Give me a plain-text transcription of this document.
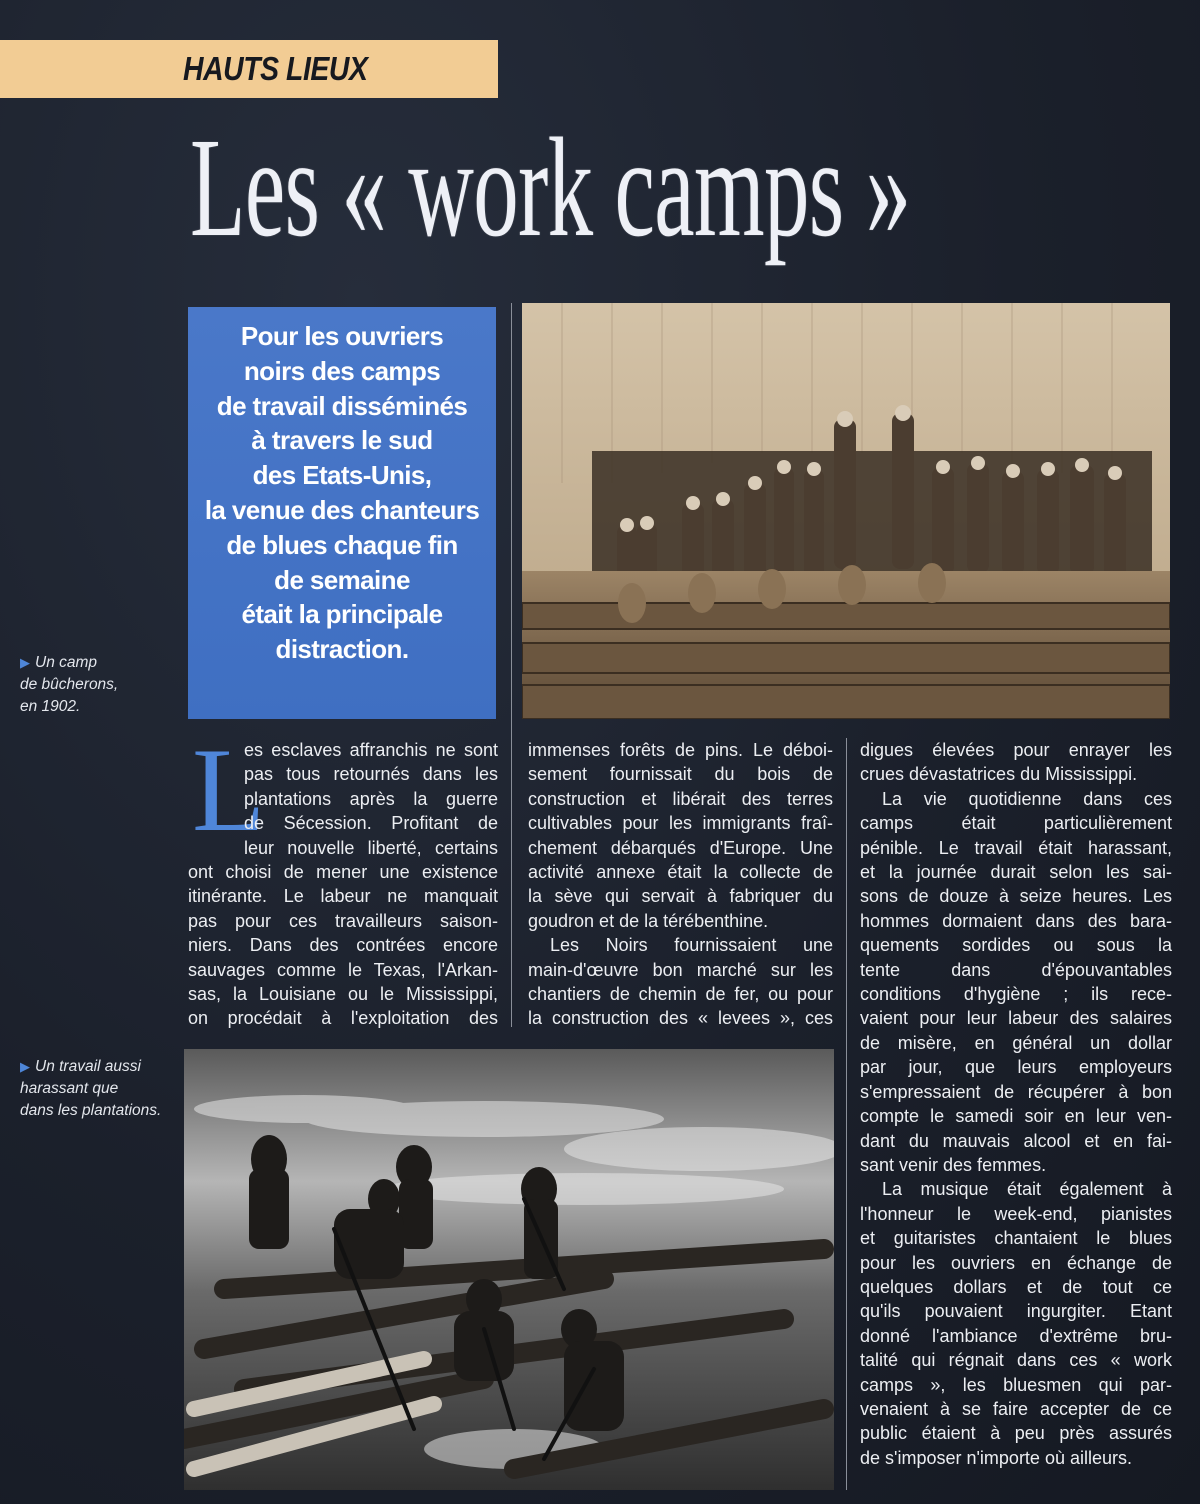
HAUTS LIEUX
Les « work camps »

Pour les ouvriers
noirs des camps
de travail disséminés
à travers le sud
des Etats-Unis,
la venue des chanteurs
de blues chaque fin
de semaine
était la principale
distraction.

▶ Un camp
de bûcherons,
en 1902.
▶ Un travail aussi
harassant que
dans les plantations.
L
es esclaves affranchis ne sont
pas tous retournés dans les
plantations après la guerre
de Sécession. Profitant de
leur nouvelle liberté, certains
ont choisi de mener une existence
itinérante. Le labeur ne manquait
pas pour ces travailleurs saison-
niers. Dans des contrées encore
sauvages comme le Texas, l'Arkan-
sas, la Louisiane ou le Mississippi,
on procédait à l'exploitation des
immenses forêts de pins. Le déboi-
sement fournissait du bois de
construction et libérait des terres
cultivables pour les immigrants fraî-
chement débarqués d'Europe. Une
activité annexe était la collecte de
la sève qui servait à fabriquer du
goudron et de la térébenthine.
Les Noirs fournissaient une
main-d'œuvre bon marché sur les
chantiers de chemin de fer, ou pour
la construction des « levees », ces
digues élevées pour enrayer les
crues dévastatrices du Mississippi.
La vie quotidienne dans ces
camps était particulièrement
pénible. Le travail était harassant,
et la journée durait selon les sai-
sons de douze à seize heures. Les
hommes dormaient dans des bara-
quements sordides ou sous la
tente dans d'épouvantables
conditions d'hygiène ; ils rece-
vaient pour leur labeur des salaires
de misère, en général un dollar
par jour, que leurs employeurs
s'empressaient de récupérer à bon
compte le samedi soir en leur ven-
dant du mauvais alcool et en fai-
sant venir des femmes.
La musique était également à
l'honneur le week-end, pianistes
et guitaristes chantaient le blues
pour les ouvriers en échange de
quelques dollars et de tout ce
qu'ils pouvaient ingurgiter. Etant
donné l'ambiance d'extrême bru-
talité qui régnait dans ces « work
camps », les bluesmen qui par-
venaient à se faire accepter de ce
public étaient à peu près assurés
de s'imposer n'importe où ailleurs.
